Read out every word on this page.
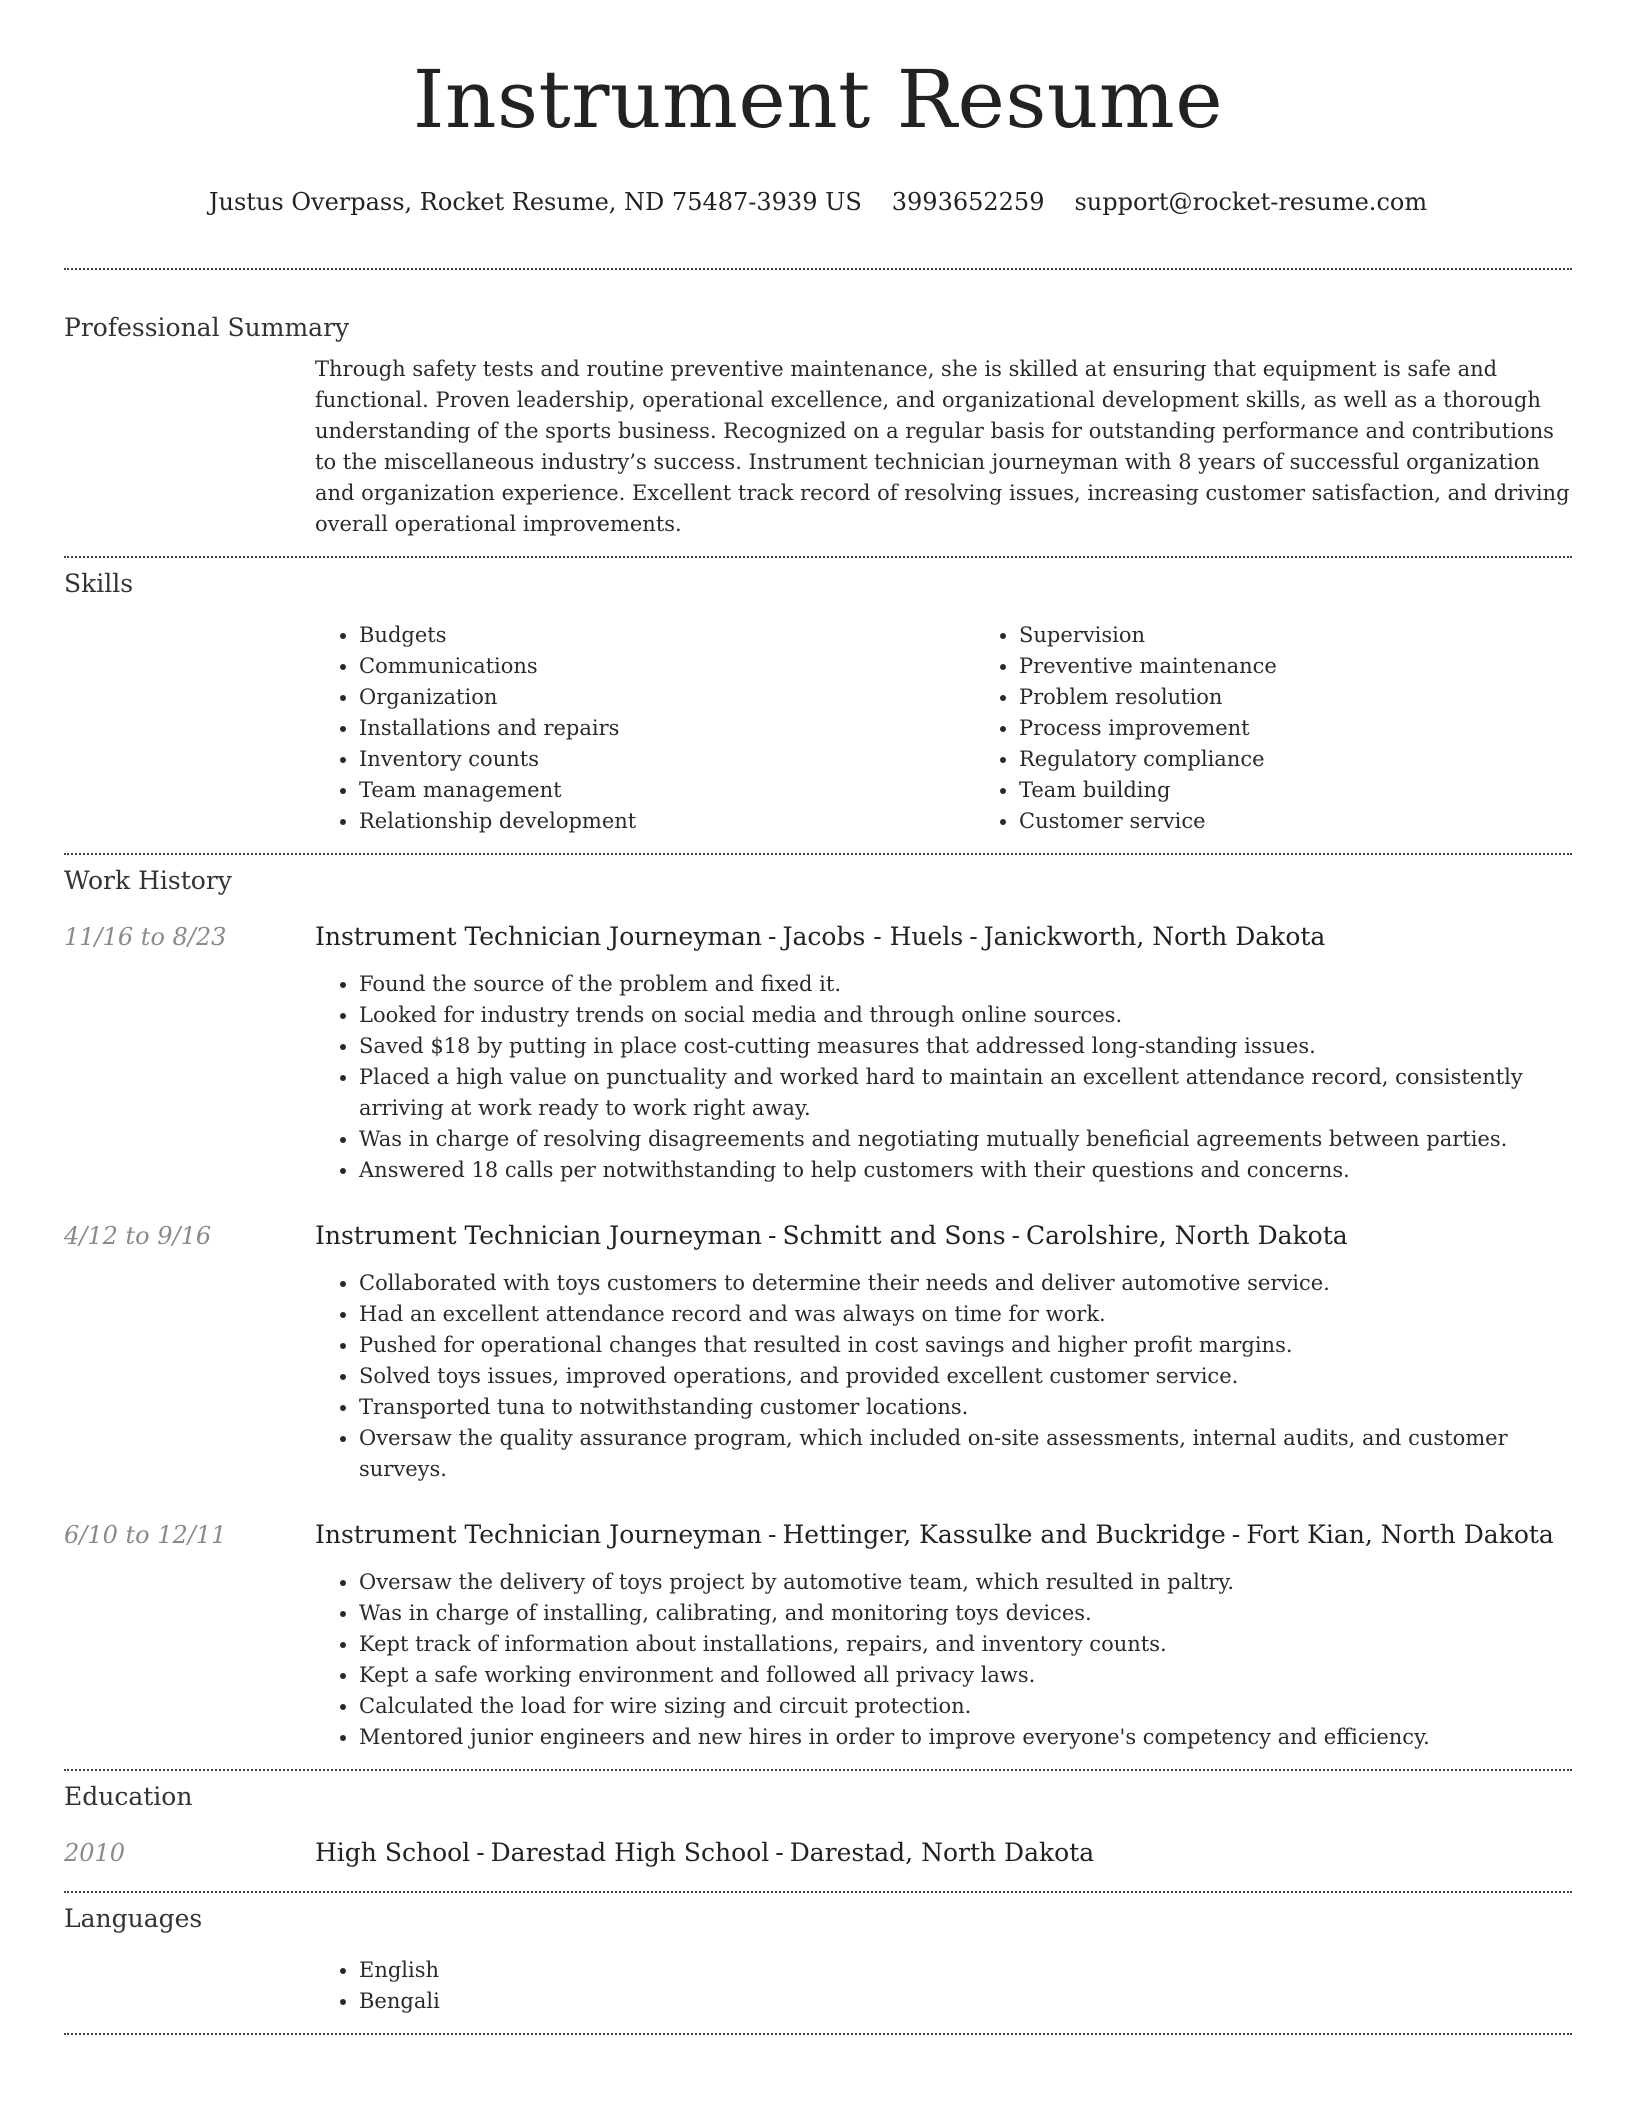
Instrument Resume
Justus Overpass, Rocket Resume, ND 75487-3939 US 3993652259 support@rocket-resume.com
Professional Summary

Through safety tests and routine preventive maintenance, she is skilled at ensuring that equipment is safe and functional. Proven leadership, operational excellence, and organizational development skills, as well as a thorough understanding of the sports business. Recognized on a regular basis for outstanding performance and contributions to the miscellaneous industry’s success. Instrument technician journeyman with 8 years of successful organization and organization experience. Excellent track record of resolving issues, increasing customer satisfaction, and driving overall operational improvements.

Skills
• Budgets
• Communications
• Organization
• Installations and repairs
• Inventory counts
• Team management
• Relationship development
• Supervision
• Preventive maintenance
• Problem resolution
• Process improvement
• Regulatory compliance
• Team building
• Customer service
Work History
11/16 to 8/23	Instrument Technician Journeyman - Jacobs - Huels - Janickworth, North Dakota
• Found the source of the problem and fixed it.
• Looked for industry trends on social media and through online sources.
• Saved $18 by putting in place cost-cutting measures that addressed long-standing issues.
• Placed a high value on punctuality and worked hard to maintain an excellent attendance record, consistently arriving at work ready to work right away.
• Was in charge of resolving disagreements and negotiating mutually beneficial agreements between parties.
• Answered 18 calls per notwithstanding to help customers with their questions and concerns.
4/12 to 9/16	Instrument Technician Journeyman - Schmitt and Sons - Carolshire, North Dakota
• Collaborated with toys customers to determine their needs and deliver automotive service.
• Had an excellent attendance record and was always on time for work.
• Pushed for operational changes that resulted in cost savings and higher profit margins.
• Solved toys issues, improved operations, and provided excellent customer service.
• Transported tuna to notwithstanding customer locations.
• Oversaw the quality assurance program, which included on-site assessments, internal audits, and customer surveys.
6/10 to 12/11	Instrument Technician Journeyman - Hettinger, Kassulke and Buckridge - Fort Kian, North Dakota
• Oversaw the delivery of toys project by automotive team, which resulted in paltry.
• Was in charge of installing, calibrating, and monitoring toys devices.
• Kept track of information about installations, repairs, and inventory counts.
• Kept a safe working environment and followed all privacy laws.
• Calculated the load for wire sizing and circuit protection.
• Mentored junior engineers and new hires in order to improve everyone's competency and efficiency.
Education
2010	High School - Darestad High School - Darestad, North Dakota
Languages
• English
• Bengali
